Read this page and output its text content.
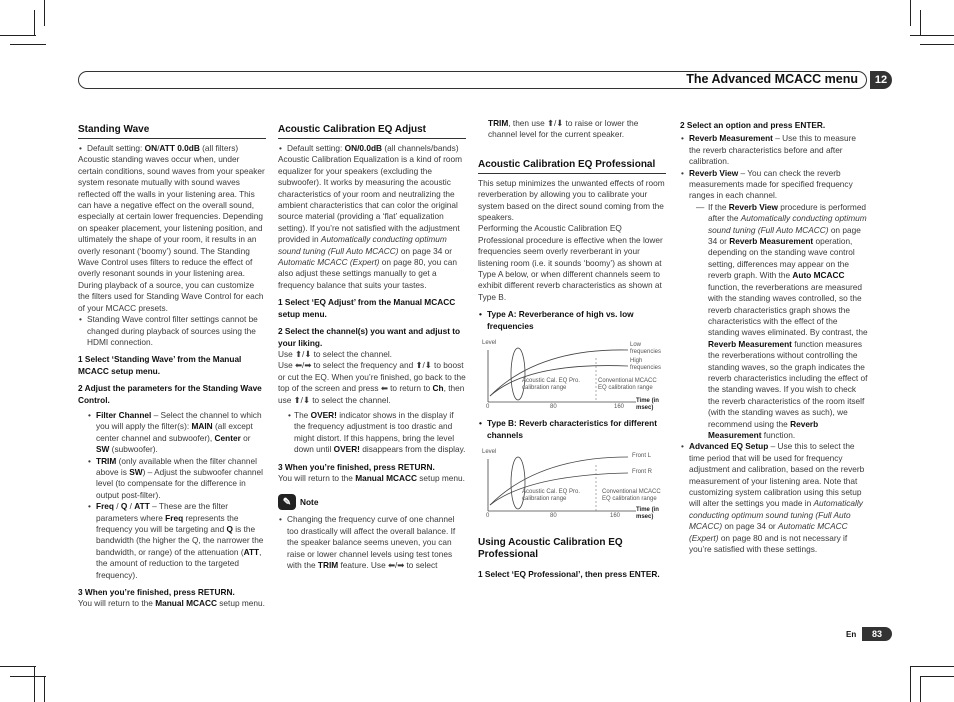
The Advanced MCACC menu	12
Standing Wave

• Default setting: ON/ATT 0.0dB (all filters)

Acoustic standing waves occur when, under certain conditions, sound waves from your speaker system resonate mutually with sound waves reflected off the walls in your listening area. This can have a negative effect on the overall sound, especially at certain lower frequencies. Depending on speaker placement, your listening position, and ultimately the shape of your room, it results in an overly resonant (‘boomy’) sound. The Standing Wave Control uses filters to reduce the effect of overly resonant sounds in your listening area. During playback of a source, you can customize the filters used for Standing Wave Control for each of your MCACC presets.

• Standing Wave control filter settings cannot be changed during playback of sources using the HDMI connection.

1 Select ‘Standing Wave’ from the Manual MCACC setup menu.

2 Adjust the parameters for the Standing Wave Control.

• Filter Channel – Select the channel to which you will apply the filter(s): MAIN (all except center channel and subwoofer), Center or SW (subwoofer).

• TRIM (only available when the filter channel above is SW) – Adjust the subwoofer channel level (to compensate for the difference in output post-filter).

• Freq / Q / ATT – These are the filter parameters where Freq represents the frequency you will be targeting and Q is the bandwidth (the higher the Q, the narrower the bandwidth, or range) of the attenuation (ATT, the amount of reduction to the targeted frequency).

3 When you’re finished, press RETURN.

You will return to the Manual MCACC setup menu.

Acoustic Calibration EQ Adjust

• Default setting: ON/0.0dB (all channels/bands)

Acoustic Calibration Equalization is a kind of room equalizer for your speakers (excluding the subwoofer). It works by measuring the acoustic characteristics of your room and neutralizing the ambient characteristics that can color the original source material (providing a ‘flat’ equalization setting). If you’re not satisfied with the adjustment provided in Automatically conducting optimum sound tuning (Full Auto MCACC) on page 34 or Automatic MCACC (Expert) on page 80, you can also adjust these settings manually to get a frequency balance that suits your tastes.

1 Select ‘EQ Adjust’ from the Manual MCACC setup menu.

2 Select the channel(s) you want and adjust to your liking.

Use ⬆/⬇ to select the channel.

Use ⬅/➡ to select the frequency and ⬆/⬇ to boost or cut the EQ. When you’re finished, go back to the top of the screen and press ⬅ to return to Ch, then use ⬆/⬇ to select the channel.

• The OVER! indicator shows in the display if the frequency adjustment is too drastic and might distort. If this happens, bring the level down until OVER! disappears from the display.

3 When you’re finished, press RETURN.

You will return to the Manual MCACC setup menu.

✎	Note

• Changing the frequency curve of one channel too drastically will affect the overall balance. If the speaker balance seems uneven, you can raise or lower channel levels using test tones with the TRIM feature. Use ⬅/➡ to select

TRIM, then use ⬆/⬇ to raise or lower the channel level for the current speaker.

Acoustic Calibration EQ Professional

This setup minimizes the unwanted effects of room reverberation by allowing you to calibrate your system based on the direct sound coming from the speakers.

Performing the Acoustic Calibration EQ Professional procedure is effective when the lower frequencies seem overly reverberant in your listening room (i.e. it sounds ‘boomy’) as shown at Type A below, or when different channels seem to exhibit different reverb characteristics as shown at Type B.

• Type A: Reverberance of high vs. low frequencies

Level	Low frequencies
High frequencies
Acoustic Cal. EQ Pro. calibration range
Conventional MCACC EQ calibration range
0	80	160
Time (in msec)

• Type B: Reverb characteristics for different channels

Level
Front L
Front R
Acoustic Cal. EQ Pro. calibration range
Conventional MCACC EQ calibration range
0	80	160
Time (in msec)
Using Acoustic Calibration EQ Professional

1 Select ‘EQ Professional’, then press ENTER.

2 Select an option and press ENTER.

• Reverb Measurement – Use this to measure the reverb characteristics before and after calibration.

• Reverb View – You can check the reverb measurements made for specified frequency ranges in each channel.

— If the Reverb View procedure is performed after the Automatically conducting optimum sound tuning (Full Auto MCACC) on page 34 or Reverb Measurement operation, depending on the standing wave control setting, differences may appear on the reverb graph. With the Auto MCACC function, the reverberations are measured with the standing waves controlled, so the reverb characteristics graph shows the characteristics with the effect of the standing waves eliminated. By contrast, the Reverb Measurement function measures the reverberations without controlling the standing waves, so the graph indicates the reverb characteristics including the effect of the standing waves. If you wish to check the reverb characteristics of the room itself (with the standing waves as such), we recommend using the Reverb Measurement function.

• Advanced EQ Setup – Use this to select the time period that will be used for frequency adjustment and calibration, based on the reverb measurement of your listening area. Note that customizing system calibration using this setup will alter the settings you made in Automatically conducting optimum sound tuning (Full Auto MCACC) on page 34 or Automatic MCACC (Expert) on page 80 and is not necessary if you’re satisfied with these settings.

En	83
